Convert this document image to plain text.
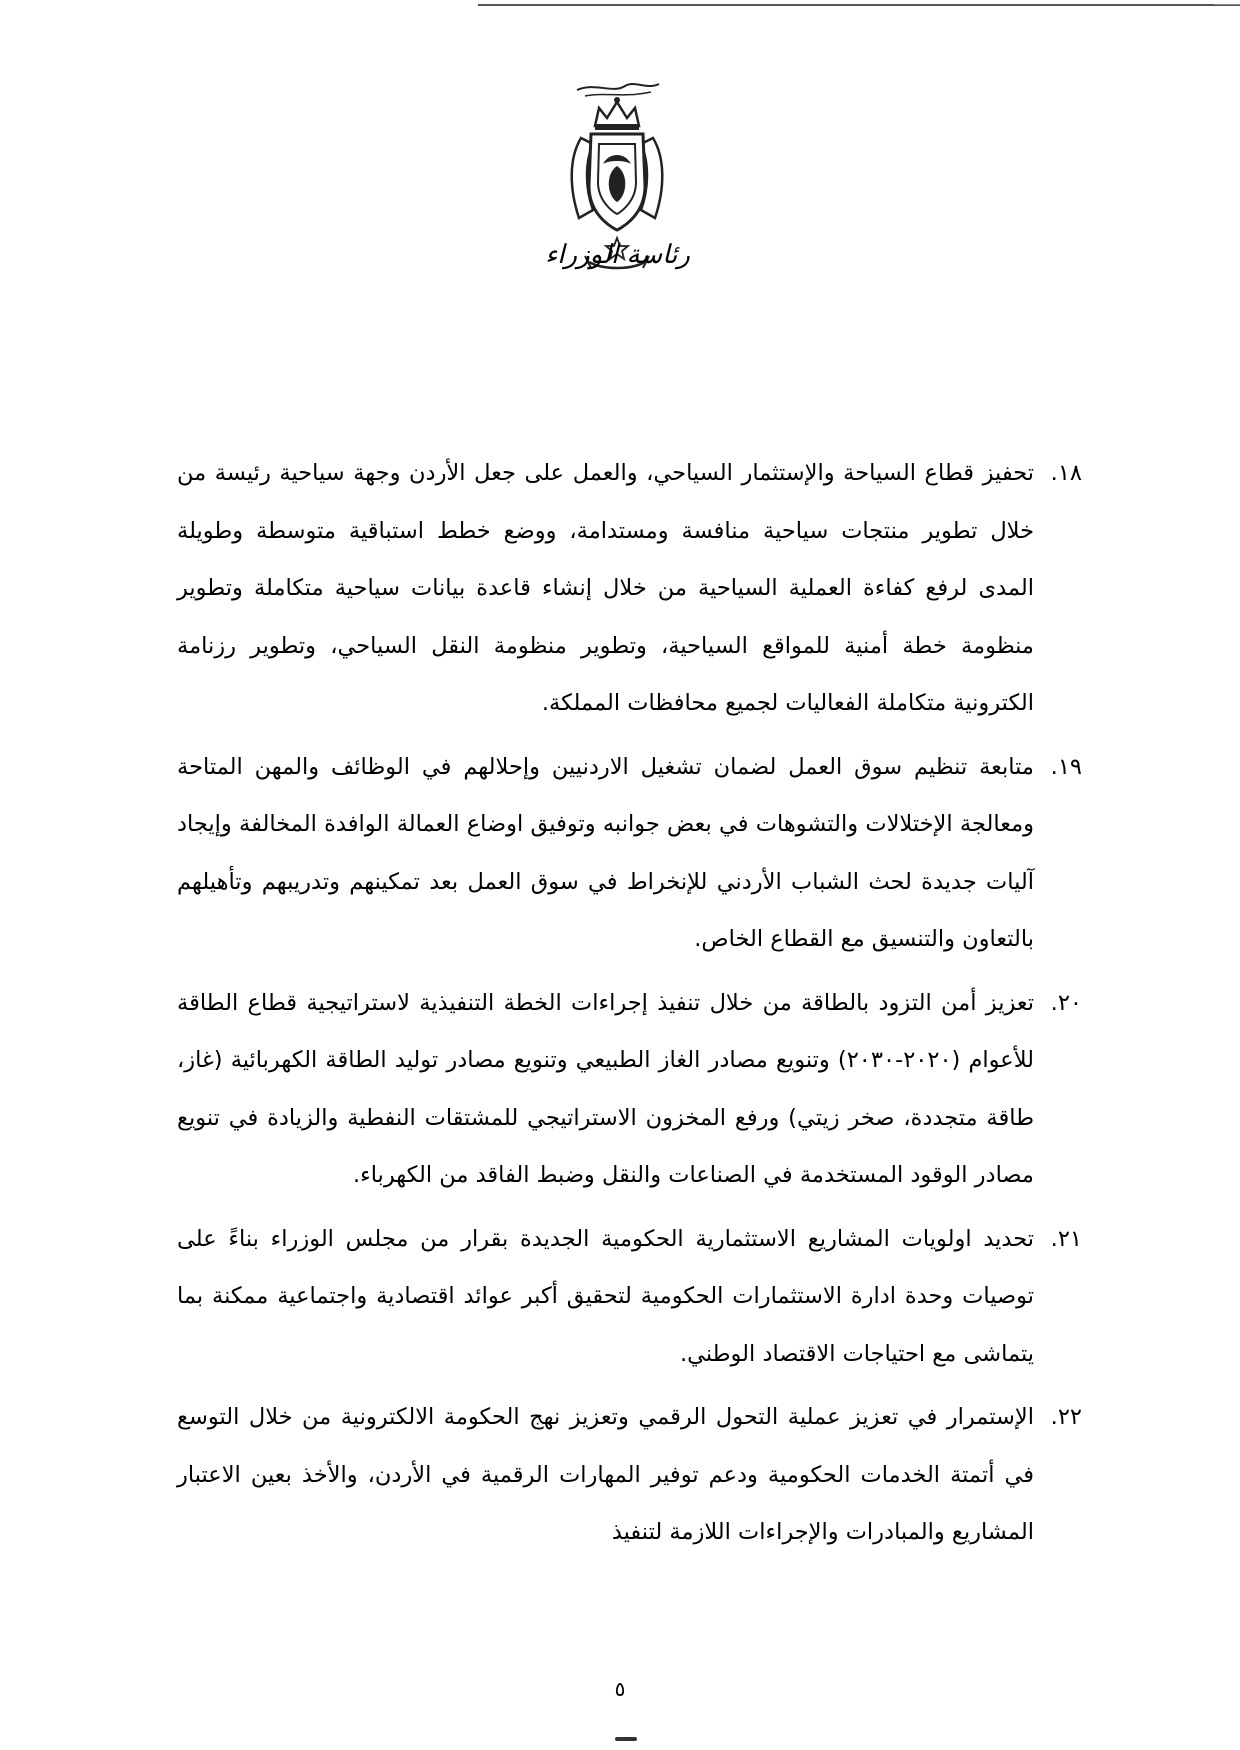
رئاسة الوزراء
١٨.
تحفيز قطاع السياحة والإستثمار السياحي، والعمل على جعل الأردن وجهة سياحية رئيسة من خلال تطوير منتجات سياحية منافسة ومستدامة، ووضع خطط استباقية متوسطة وطويلة المدى لرفع كفاءة العملية السياحية من خلال إنشاء قاعدة بيانات سياحية متكاملة وتطوير منظومة خطة أمنية للمواقع السياحية، وتطوير منظومة النقل السياحي، وتطوير رزنامة الكترونية متكاملة الفعاليات لجميع محافظات المملكة.
١٩.
متابعة تنظيم سوق العمل لضمان تشغيل الاردنيين وإحلالهم في الوظائف والمهن المتاحة ومعالجة الإختلالات والتشوهات في بعض جوانبه وتوفيق اوضاع العمالة الوافدة المخالفة وإيجاد آليات جديدة لحث الشباب الأردني للإنخراط في سوق العمل بعد تمكينهم وتدريبهم وتأهيلهم بالتعاون والتنسيق مع القطاع الخاص.
٢٠.
تعزيز أمن التزود بالطاقة من خلال تنفيذ إجراءات الخطة التنفيذية لاستراتيجية قطاع الطاقة للأعوام (٢٠٢٠-٢٠٣٠) وتنويع مصادر الغاز الطبيعي وتنويع مصادر توليد الطاقة الكهربائية (غاز، طاقة متجددة، صخر زيتي) ورفع المخزون الاستراتيجي للمشتقات النفطية والزيادة في تنويع مصادر الوقود المستخدمة في الصناعات والنقل وضبط الفاقد من الكهرباء.
٢١.
تحديد اولويات المشاريع الاستثمارية الحكومية الجديدة بقرار من مجلس الوزراء بناءً على توصيات وحدة ادارة الاستثمارات الحكومية لتحقيق أكبر عوائد اقتصادية واجتماعية ممكنة بما يتماشى مع احتياجات الاقتصاد الوطني.
٢٢.
الإستمرار في تعزيز عملية التحول الرقمي وتعزيز نهج الحكومة الالكترونية من خلال التوسع في أتمتة الخدمات الحكومية ودعم توفير المهارات الرقمية في الأردن، والأخذ بعين الاعتبار المشاريع والمبادرات والإجراءات اللازمة لتنفيذ
٥
